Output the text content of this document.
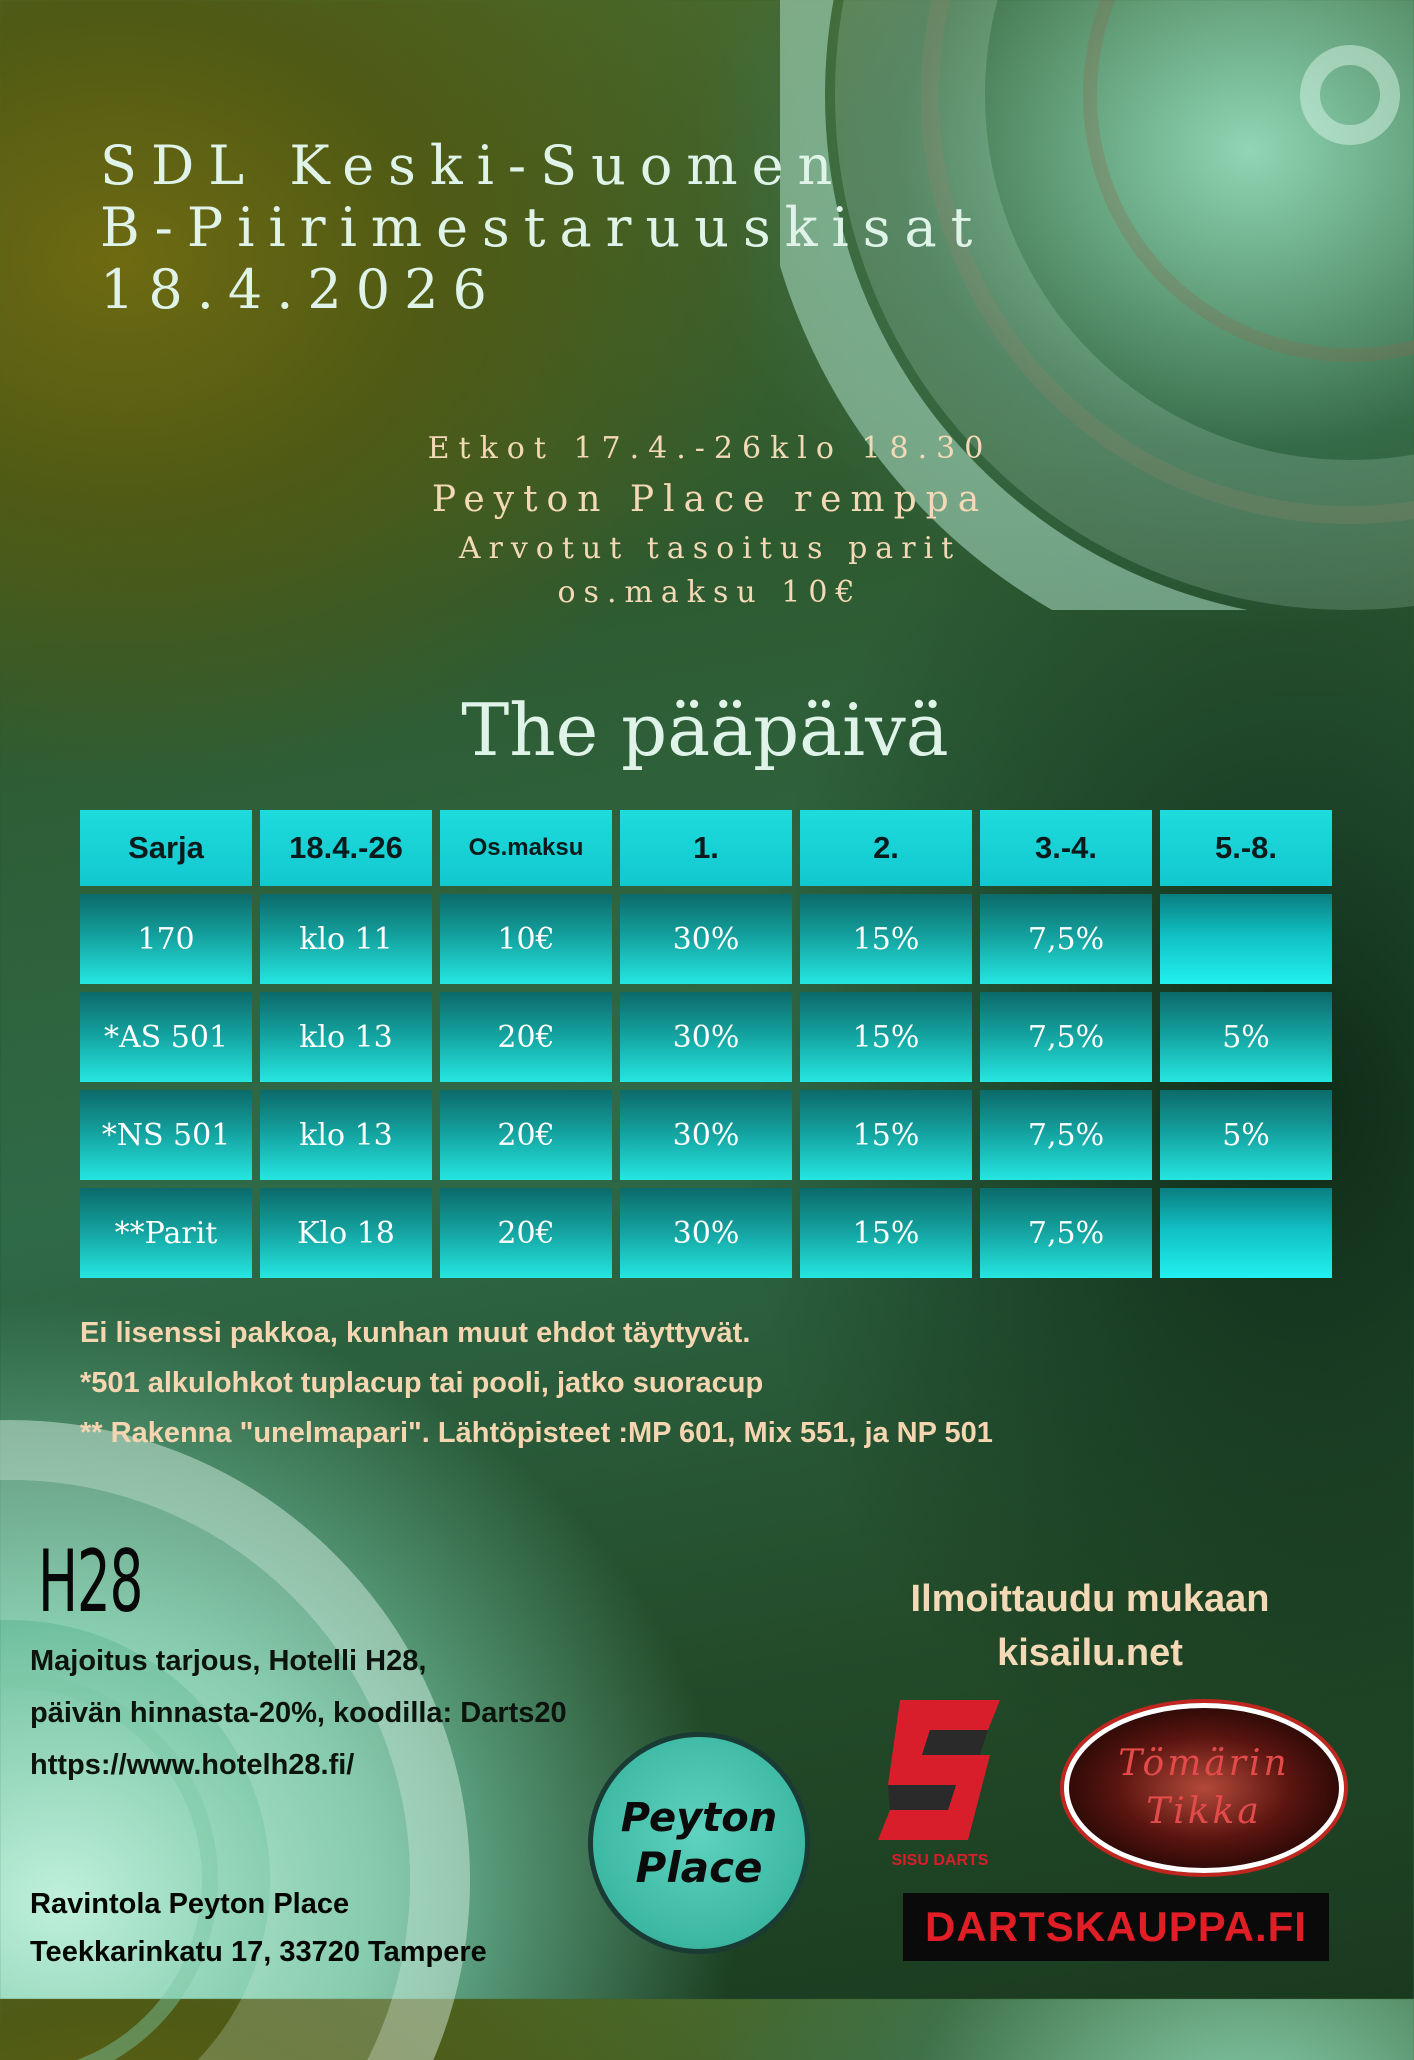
SDL Keski-Suomen
B-Piirimestaruuskisat
18.4.2026
Etkot 17.4.-26klo 18.30
Peyton Place remppa
Arvotut tasoitus parit
os.maksu 10€
The pääpäivä
Sarja	18.4.-26	Os.maksu	1.	2.	3.-4.	5.-8.
170	klo 11	10€	30%	15%	7,5%
*AS 501	klo 13	20€	30%	15%	7,5%	5%
*NS 501	klo 13	20€	30%	15%	7,5%	5%
**Parit	Klo 18	20€	30%	15%	7,5%
Ei lisenssi pakkoa, kunhan muut ehdot täyttyvät.
*501 alkulohkot tuplacup tai pooli, jatko suoracup
** Rakenna "unelmapari". Lähtöpisteet :MP 601, Mix 551, ja NP 501
H28
Majoitus tarjous, Hotelli H28,
päivän hinnasta-20%, koodilla: Darts20
https://www.hotelh28.fi/
Ravintola Peyton Place
Teekkarinkatu 17, 33720 Tampere
Ilmoittaudu mukaan
kisailu.net
Peyton
Place	SISU DARTS
Tömärin
Tikka
DARTSKAUPPA.FI
